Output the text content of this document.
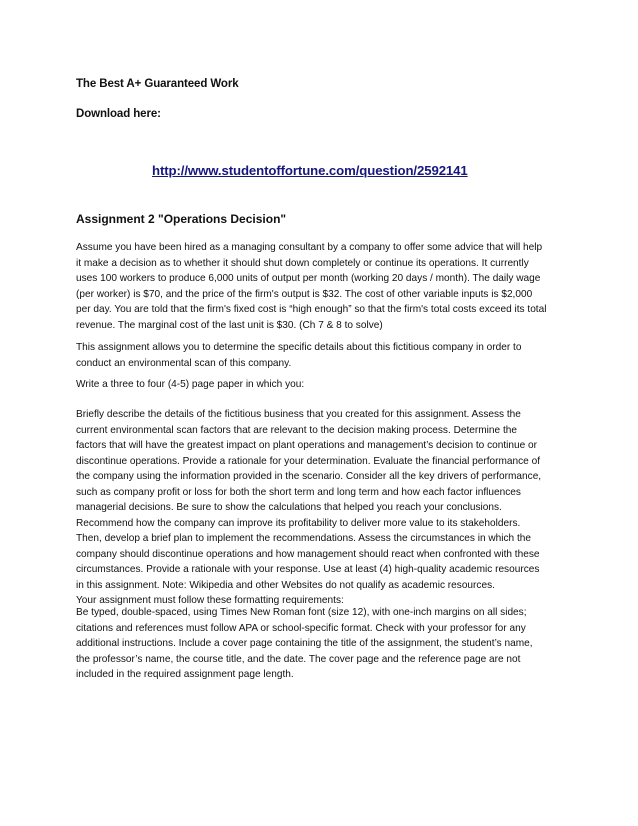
The Best A+ Guaranteed Work
Download here:
http://www.studentoffortune.com/question/2592141
Assignment 2 "Operations Decision"
Assume you have been hired as a managing consultant by a company to offer some advice that will help
it make a decision as to whether it should shut down completely or continue its operations. It currently
uses 100 workers to produce 6,000 units of output per month (working 20 days / month). The daily wage
(per worker) is $70, and the price of the firm's output is $32. The cost of other variable inputs is $2,000
per day. You are told that the firm's fixed cost is “high enough” so that the firm's total costs exceed its total
revenue. The marginal cost of the last unit is $30. (Ch 7 & 8 to solve)
This assignment allows you to determine the specific details about this fictitious company in order to
conduct an environmental scan of this company.
Write a three to four (4-5) page paper in which you:
Briefly describe the details of the fictitious business that you created for this assignment. Assess the
current environmental scan factors that are relevant to the decision making process. Determine the
factors that will have the greatest impact on plant operations and management’s decision to continue or
discontinue operations. Provide a rationale for your determination. Evaluate the financial performance of
the company using the information provided in the scenario. Consider all the key drivers of performance,
such as company profit or loss for both the short term and long term and how each factor influences
managerial decisions. Be sure to show the calculations that helped you reach your conclusions.
Recommend how the company can improve its profitability to deliver more value to its stakeholders.
Then, develop a brief plan to implement the recommendations. Assess the circumstances in which the
company should discontinue operations and how management should react when confronted with these
circumstances. Provide a rationale with your response. Use at least (4) high-quality academic resources
in this assignment. Note: Wikipedia and other Websites do not qualify as academic resources.
Your assignment must follow these formatting requirements:
Be typed, double-spaced, using Times New Roman font (size 12), with one-inch margins on all sides;
citations and references must follow APA or school-specific format. Check with your professor for any
additional instructions. Include a cover page containing the title of the assignment, the student’s name,
the professor’s name, the course title, and the date. The cover page and the reference page are not
included in the required assignment page length.
